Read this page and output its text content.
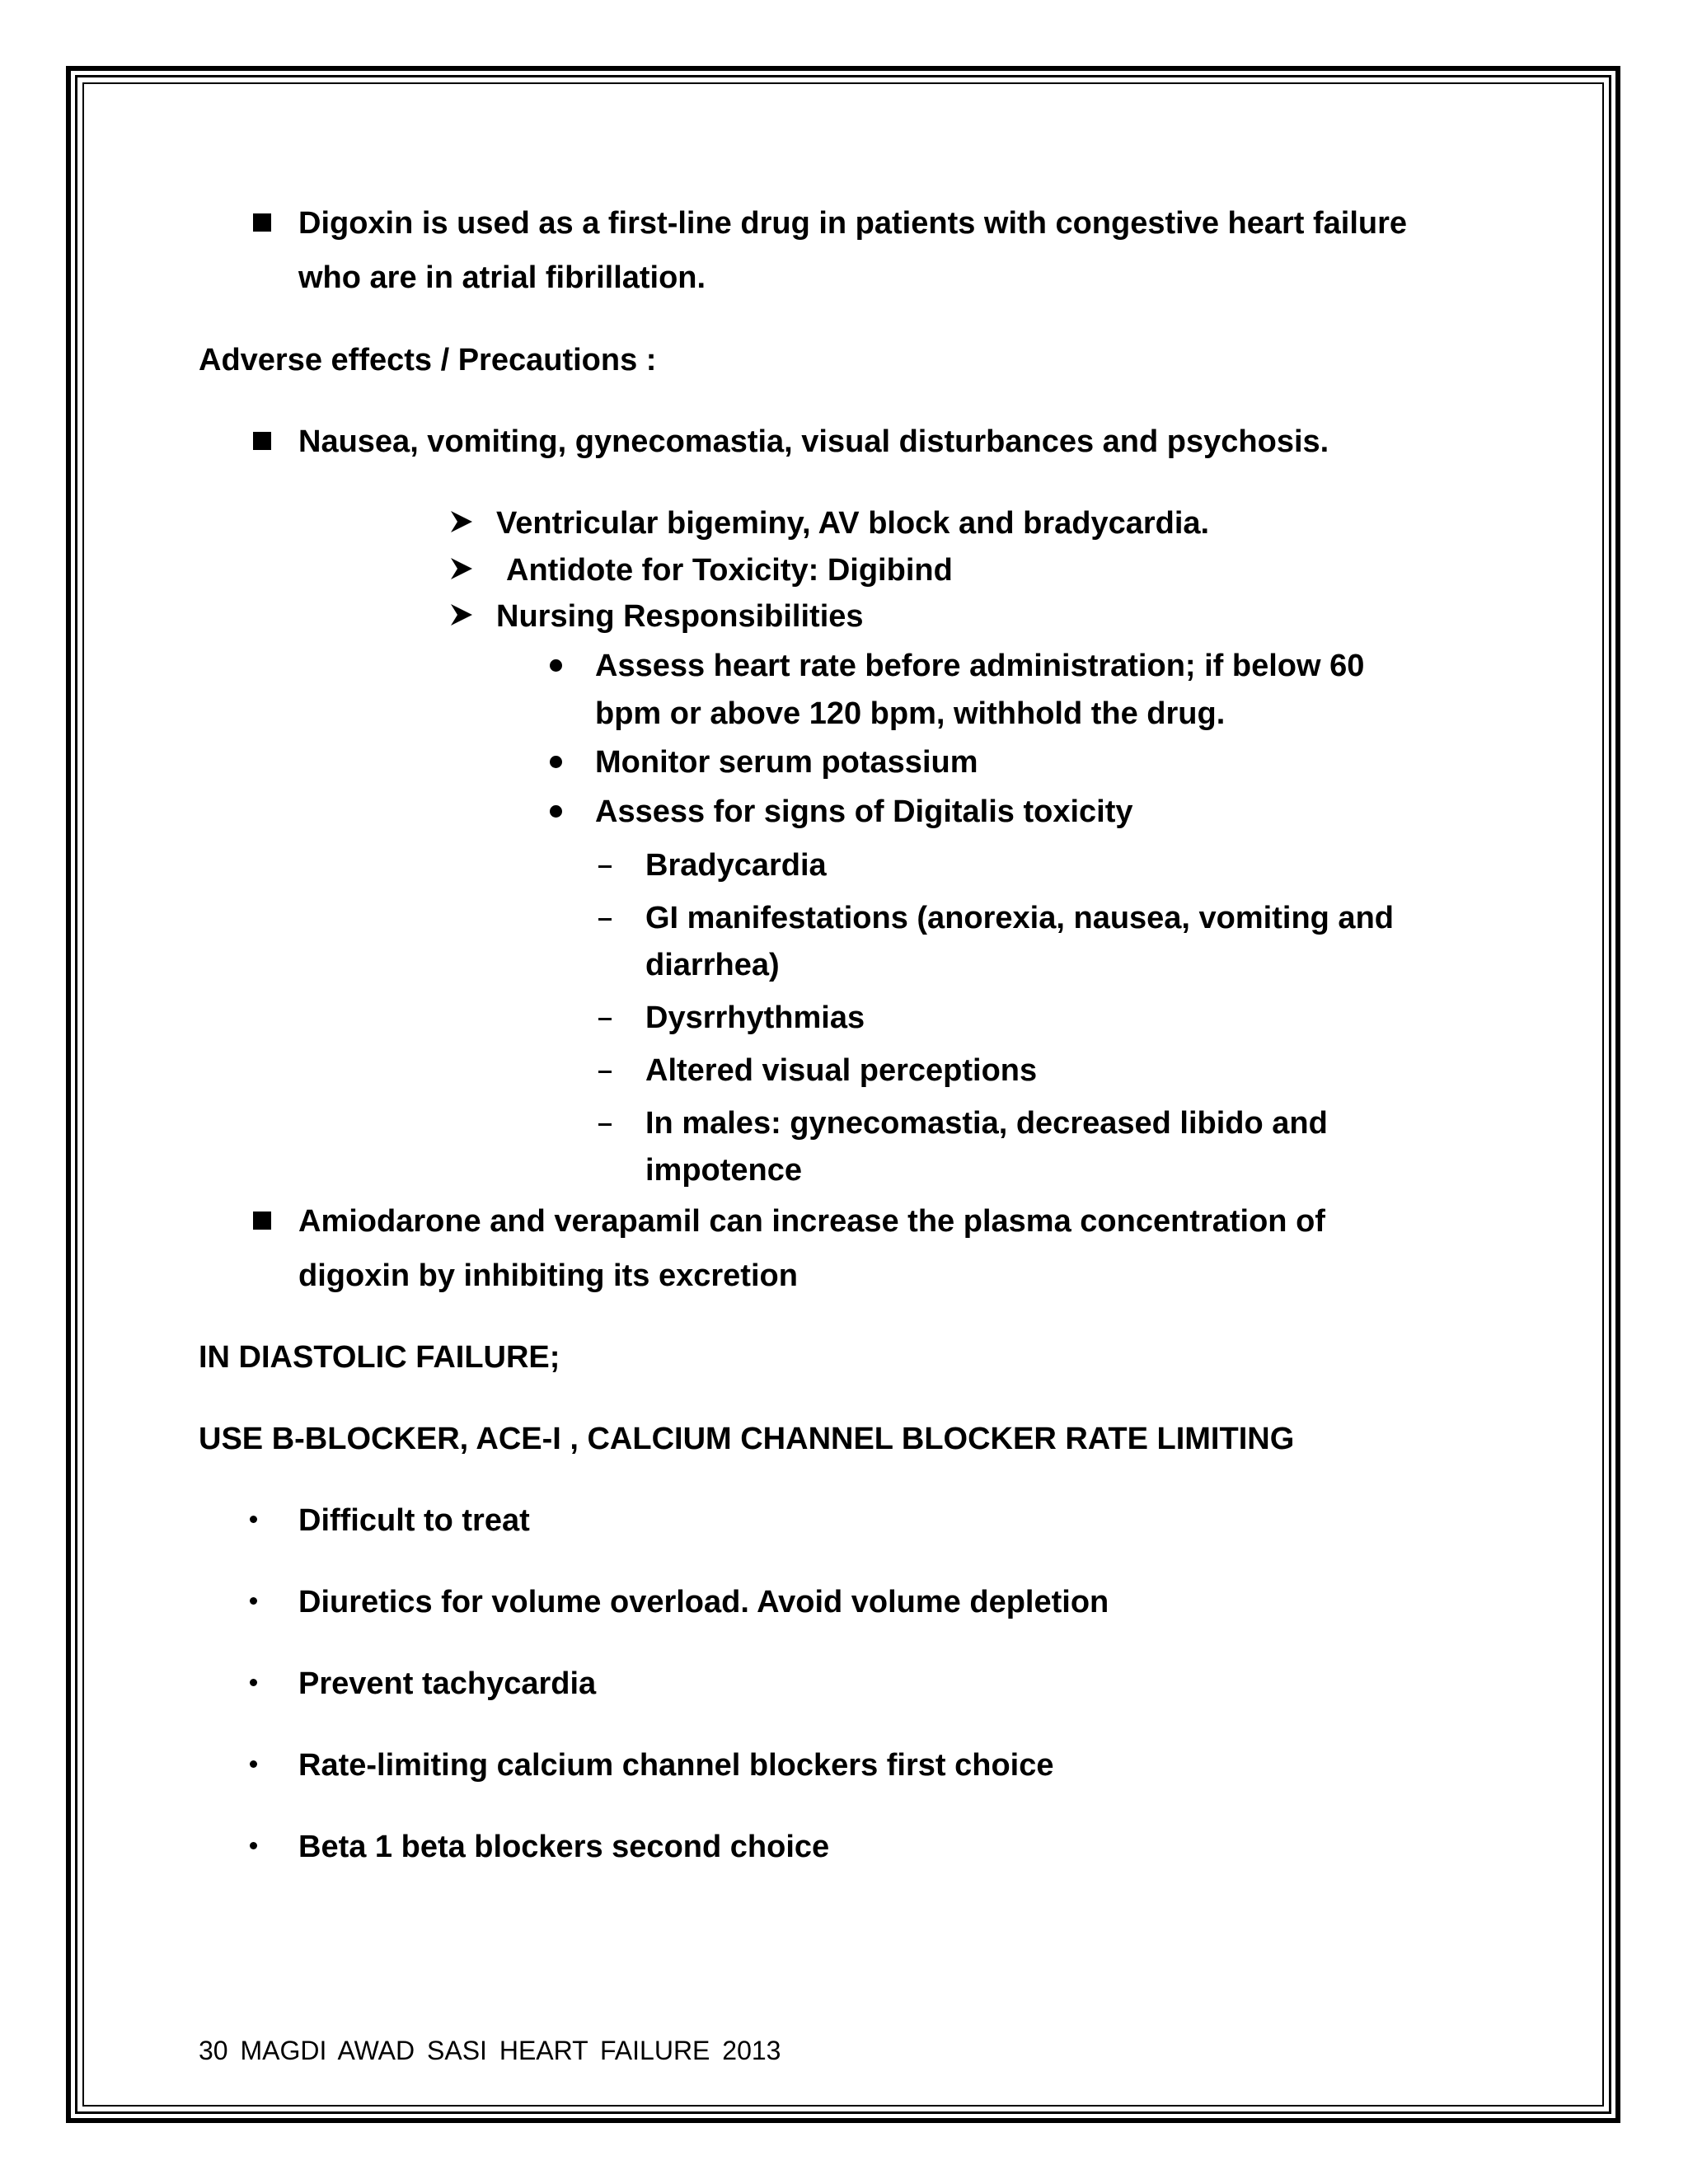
Digoxin is used as a first-line drug in patients with congestive heart failure
who are in atrial fibrillation.
Adverse effects / Precautions :
Nausea, vomiting, gynecomastia, visual disturbances and psychosis.
Ventricular bigeminy, AV block and bradycardia.
Antidote for Toxicity: Digibind
Nursing Responsibilities
Assess heart rate before administration; if below 60
bpm or above 120 bpm, withhold the drug.
Monitor serum potassium
Assess for signs of Digitalis toxicity
Bradycardia
GI manifestations (anorexia, nausea, vomiting and
diarrhea)
Dysrrhythmias
Altered visual perceptions
In males: gynecomastia, decreased libido and
impotence
Amiodarone and verapamil can increase the plasma concentration of
digoxin by inhibiting its excretion
IN DIASTOLIC FAILURE;
USE B-BLOCKER, ACE-I , CALCIUM CHANNEL BLOCKER RATE LIMITING
Difficult to treat
Diuretics for volume overload. Avoid volume depletion
Prevent tachycardia
Rate-limiting calcium channel blockers first choice
Beta 1 beta blockers second choice
30 MAGDI AWAD SASI HEART FAILURE 2013
